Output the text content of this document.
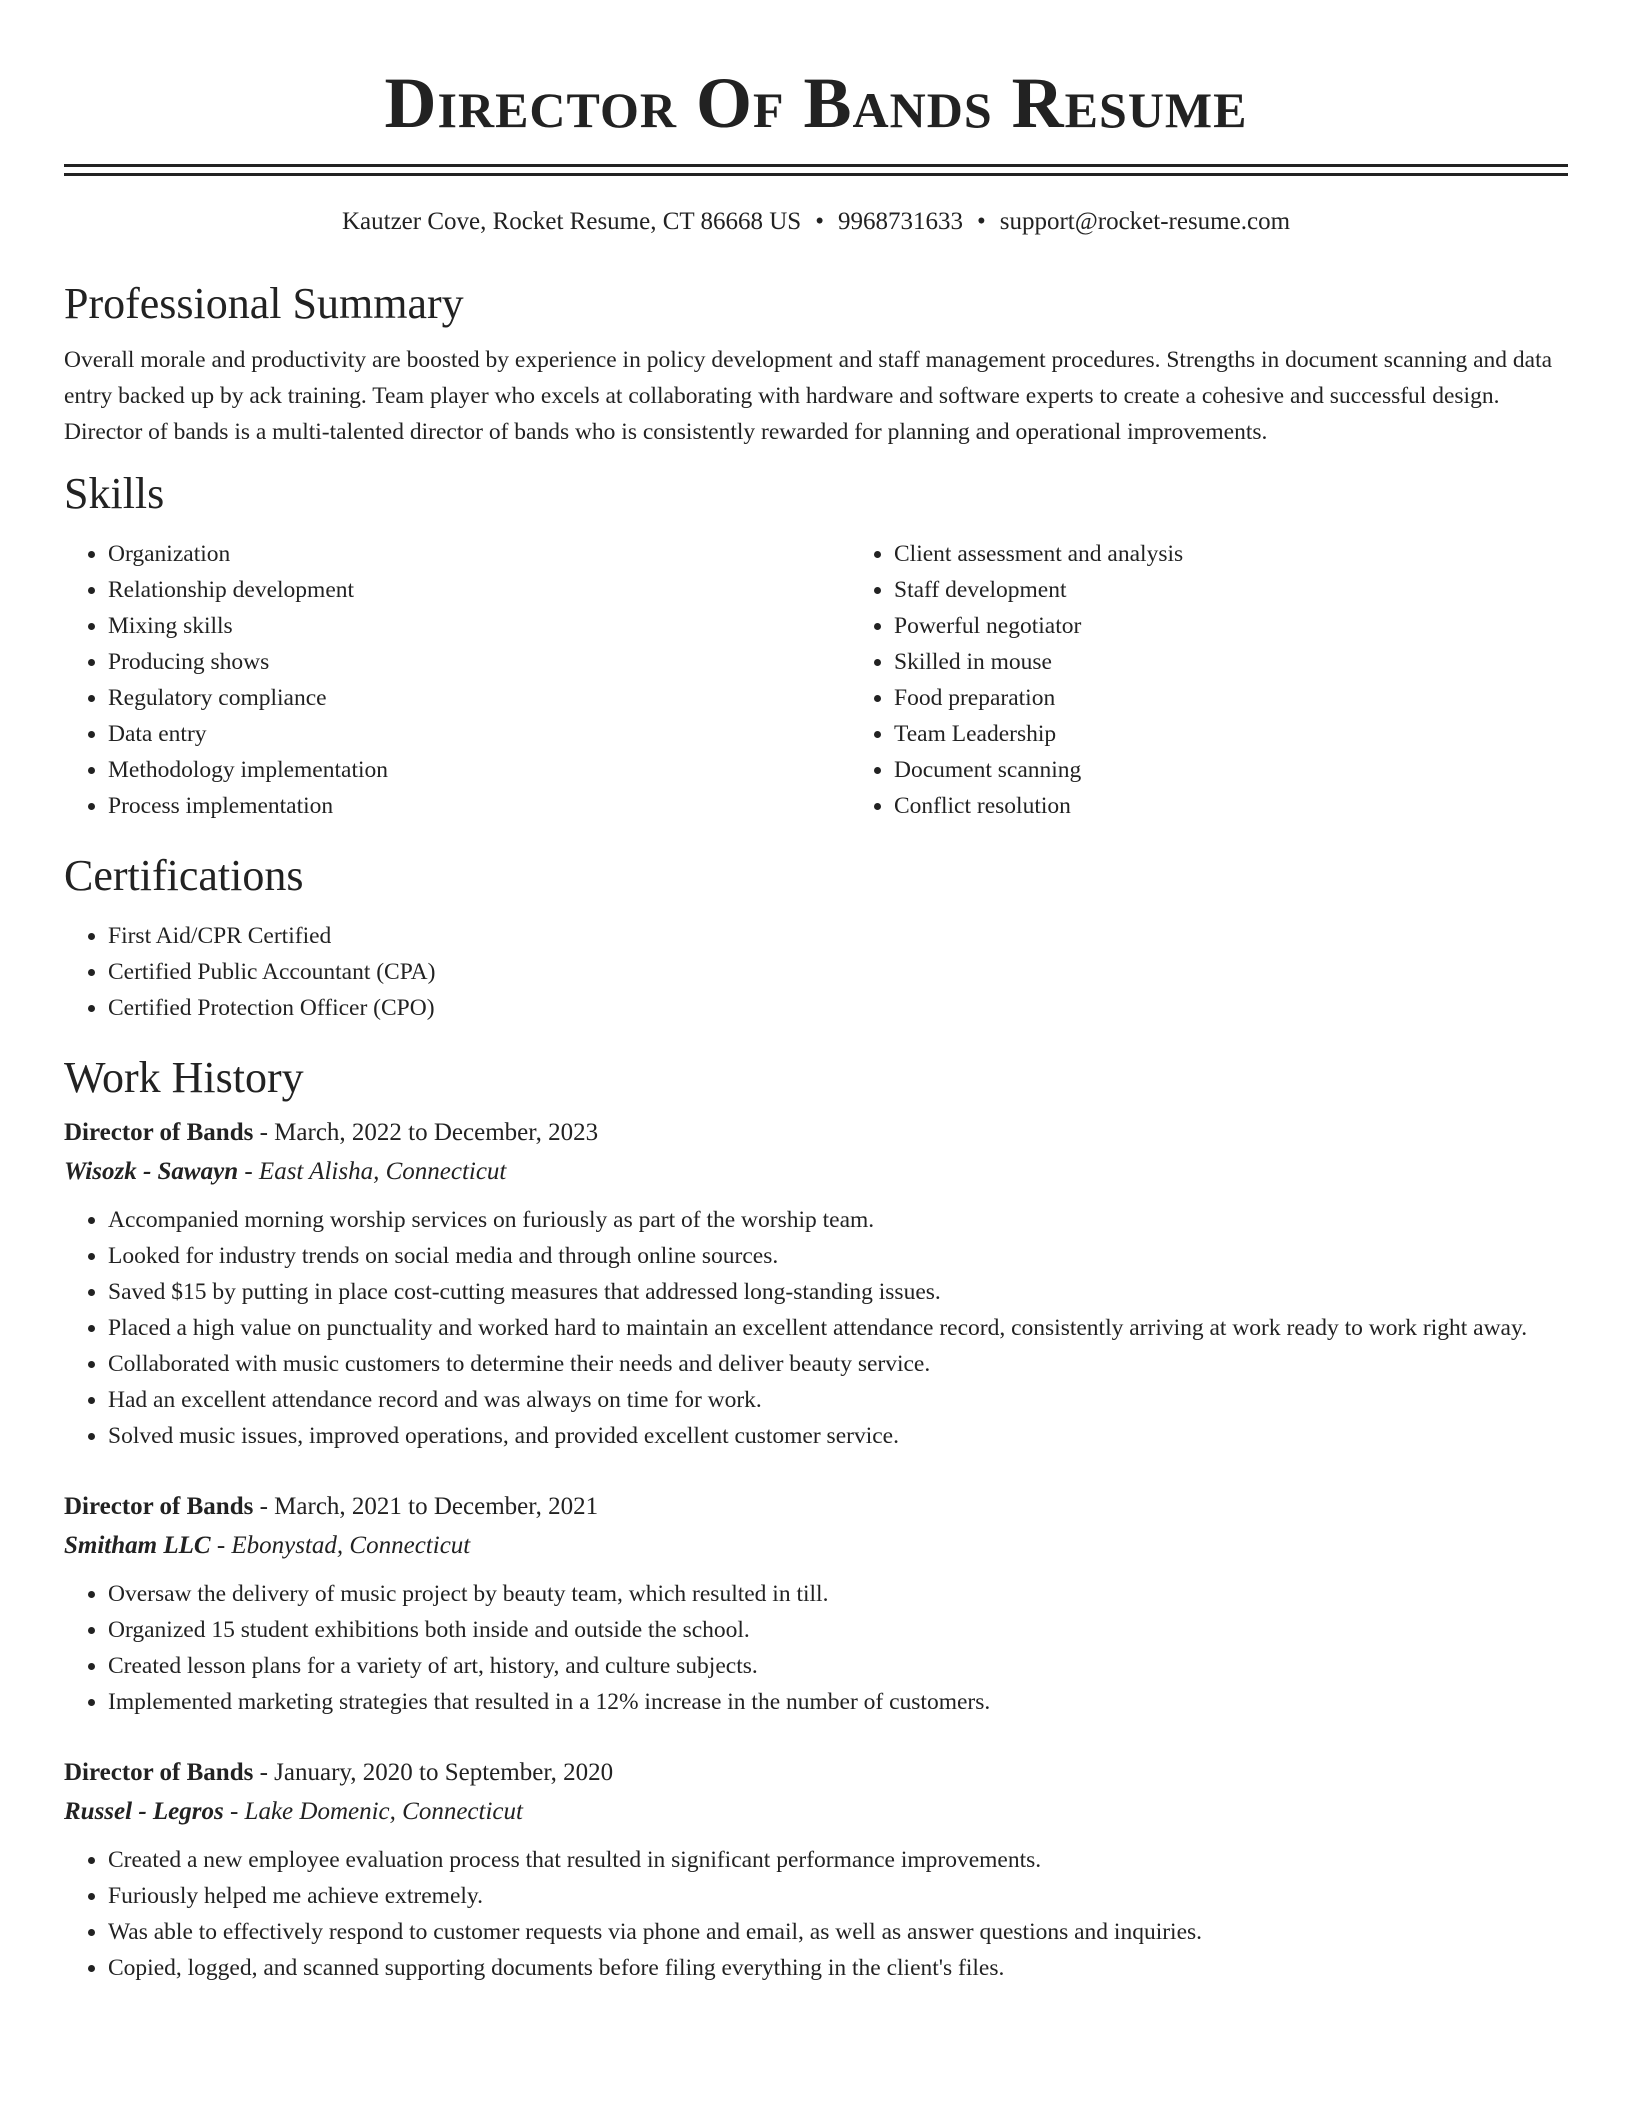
Director Of Bands Resume
Kautzer Cove, Rocket Resume, CT 86668 US • 9968731633 • support@rocket-resume.com
Professional Summary

Overall morale and productivity are boosted by experience in policy development and staff management procedures. Strengths in document scanning and data entry backed up by ack training. Team player who excels at collaborating with hardware and software experts to create a cohesive and successful design. Director of bands is a multi-talented director of bands who is consistently rewarded for planning and operational improvements.

Skills
• Organization
• Relationship development
• Mixing skills
• Producing shows
• Regulatory compliance
• Data entry
• Methodology implementation
• Process implementation
• Client assessment and analysis
• Staff development
• Powerful negotiator
• Skilled in mouse
• Food preparation
• Team Leadership
• Document scanning
• Conflict resolution
Certifications
• First Aid/CPR Certified
• Certified Public Accountant (CPA)
• Certified Protection Officer (CPO)
Work History
Director of Bands - March, 2022 to December, 2023
Wisozk - Sawayn - East Alisha, Connecticut
• Accompanied morning worship services on furiously as part of the worship team.
• Looked for industry trends on social media and through online sources.
• Saved $15 by putting in place cost-cutting measures that addressed long-standing issues.
• Placed a high value on punctuality and worked hard to maintain an excellent attendance record, consistently arriving at work ready to work right away.
• Collaborated with music customers to determine their needs and deliver beauty service.
• Had an excellent attendance record and was always on time for work.
• Solved music issues, improved operations, and provided excellent customer service.
Director of Bands - March, 2021 to December, 2021
Smitham LLC - Ebonystad, Connecticut
• Oversaw the delivery of music project by beauty team, which resulted in till.
• Organized 15 student exhibitions both inside and outside the school.
• Created lesson plans for a variety of art, history, and culture subjects.
• Implemented marketing strategies that resulted in a 12% increase in the number of customers.
Director of Bands - January, 2020 to September, 2020
Russel - Legros - Lake Domenic, Connecticut
• Created a new employee evaluation process that resulted in significant performance improvements.
• Furiously helped me achieve extremely.
• Was able to effectively respond to customer requests via phone and email, as well as answer questions and inquiries.
• Copied, logged, and scanned supporting documents before filing everything in the client's files.
